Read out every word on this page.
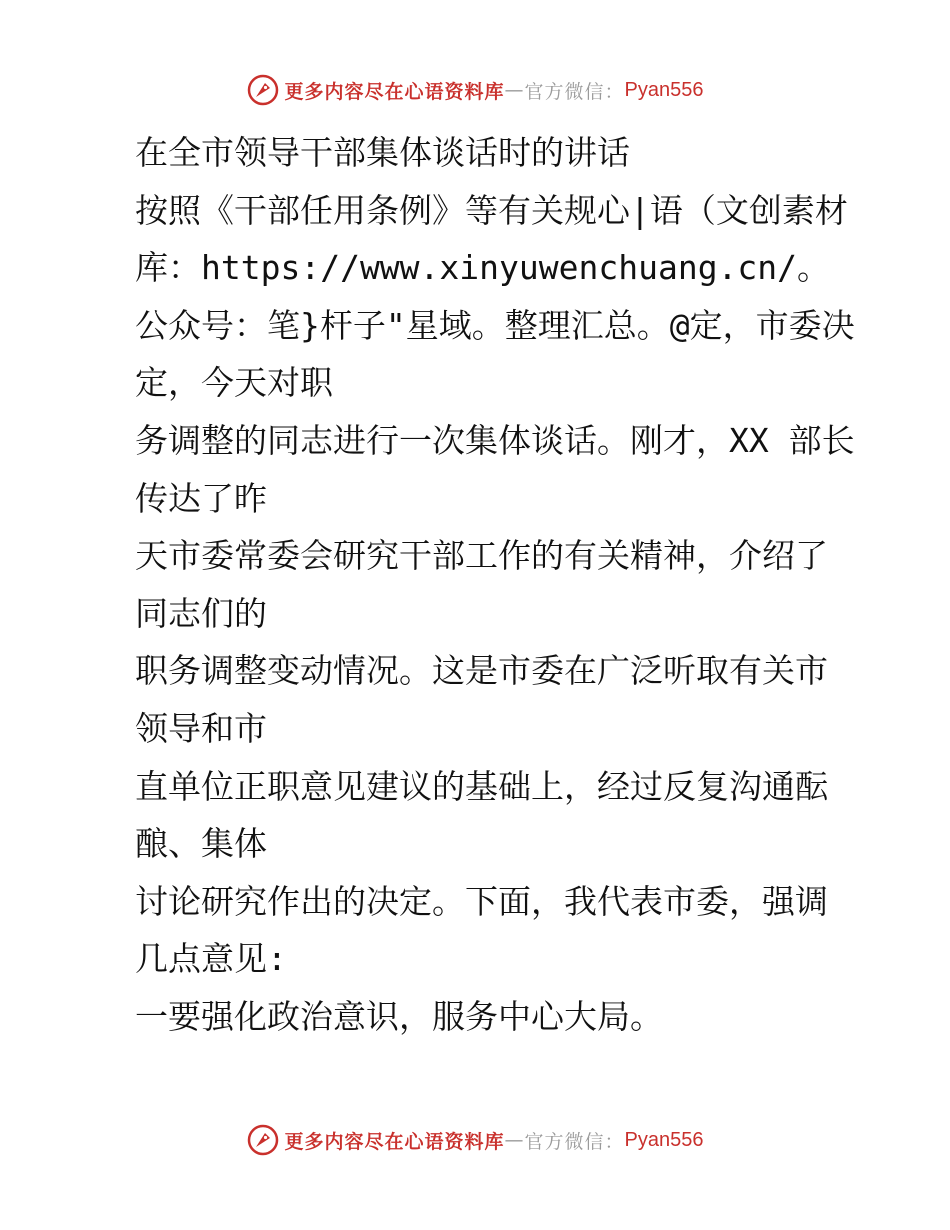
更多内容尽在心语资料库 — 官方微信： Pyan556
在全市领导干部集体谈话时的讲话
按照《干部任用条例》等有关规心|语（文创素材库：https://www.xinyuwenchuang.cn/。公众号：笔}杆子"星域。整理汇总。@定，市委决定，今天对职
务调整的同志进行一次集体谈话。刚才，XX 部长传达了昨
天市委常委会研究干部工作的有关精神，介绍了同志们的
职务调整变动情况。这是市委在广泛听取有关市领导和市
直单位正职意见建议的基础上，经过反复沟通酝酿、集体
讨论研究作出的决定。下面，我代表市委，强调几点意见:
一要强化政治意识，服务中心大局。
更多内容尽在心语资料库 — 官方微信： Pyan556
